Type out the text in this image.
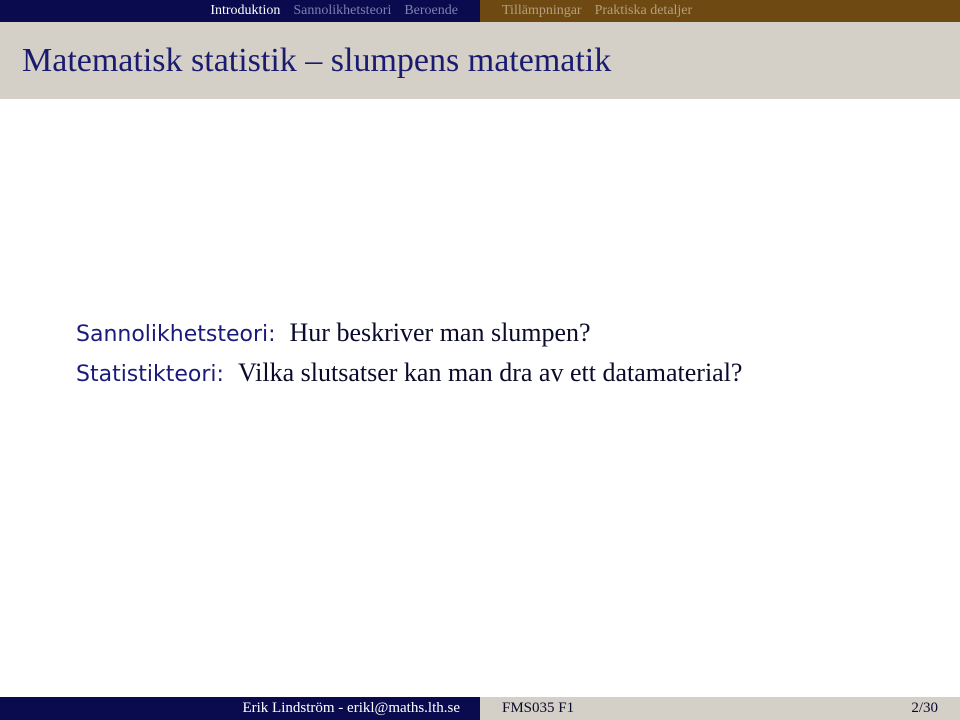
Introduktion Sannolikhetsteori Beroende	Tillämpningar Praktiska detaljer
Matematisk statistik – slumpens matematik
Sannolikhetsteori: Hur beskriver man slumpen?
Statistikteori: Vilka slutsatser kan man dra av ett datamaterial?
Erik Lindström - erikl@maths.lth.se	FMS035 F1	2/30
